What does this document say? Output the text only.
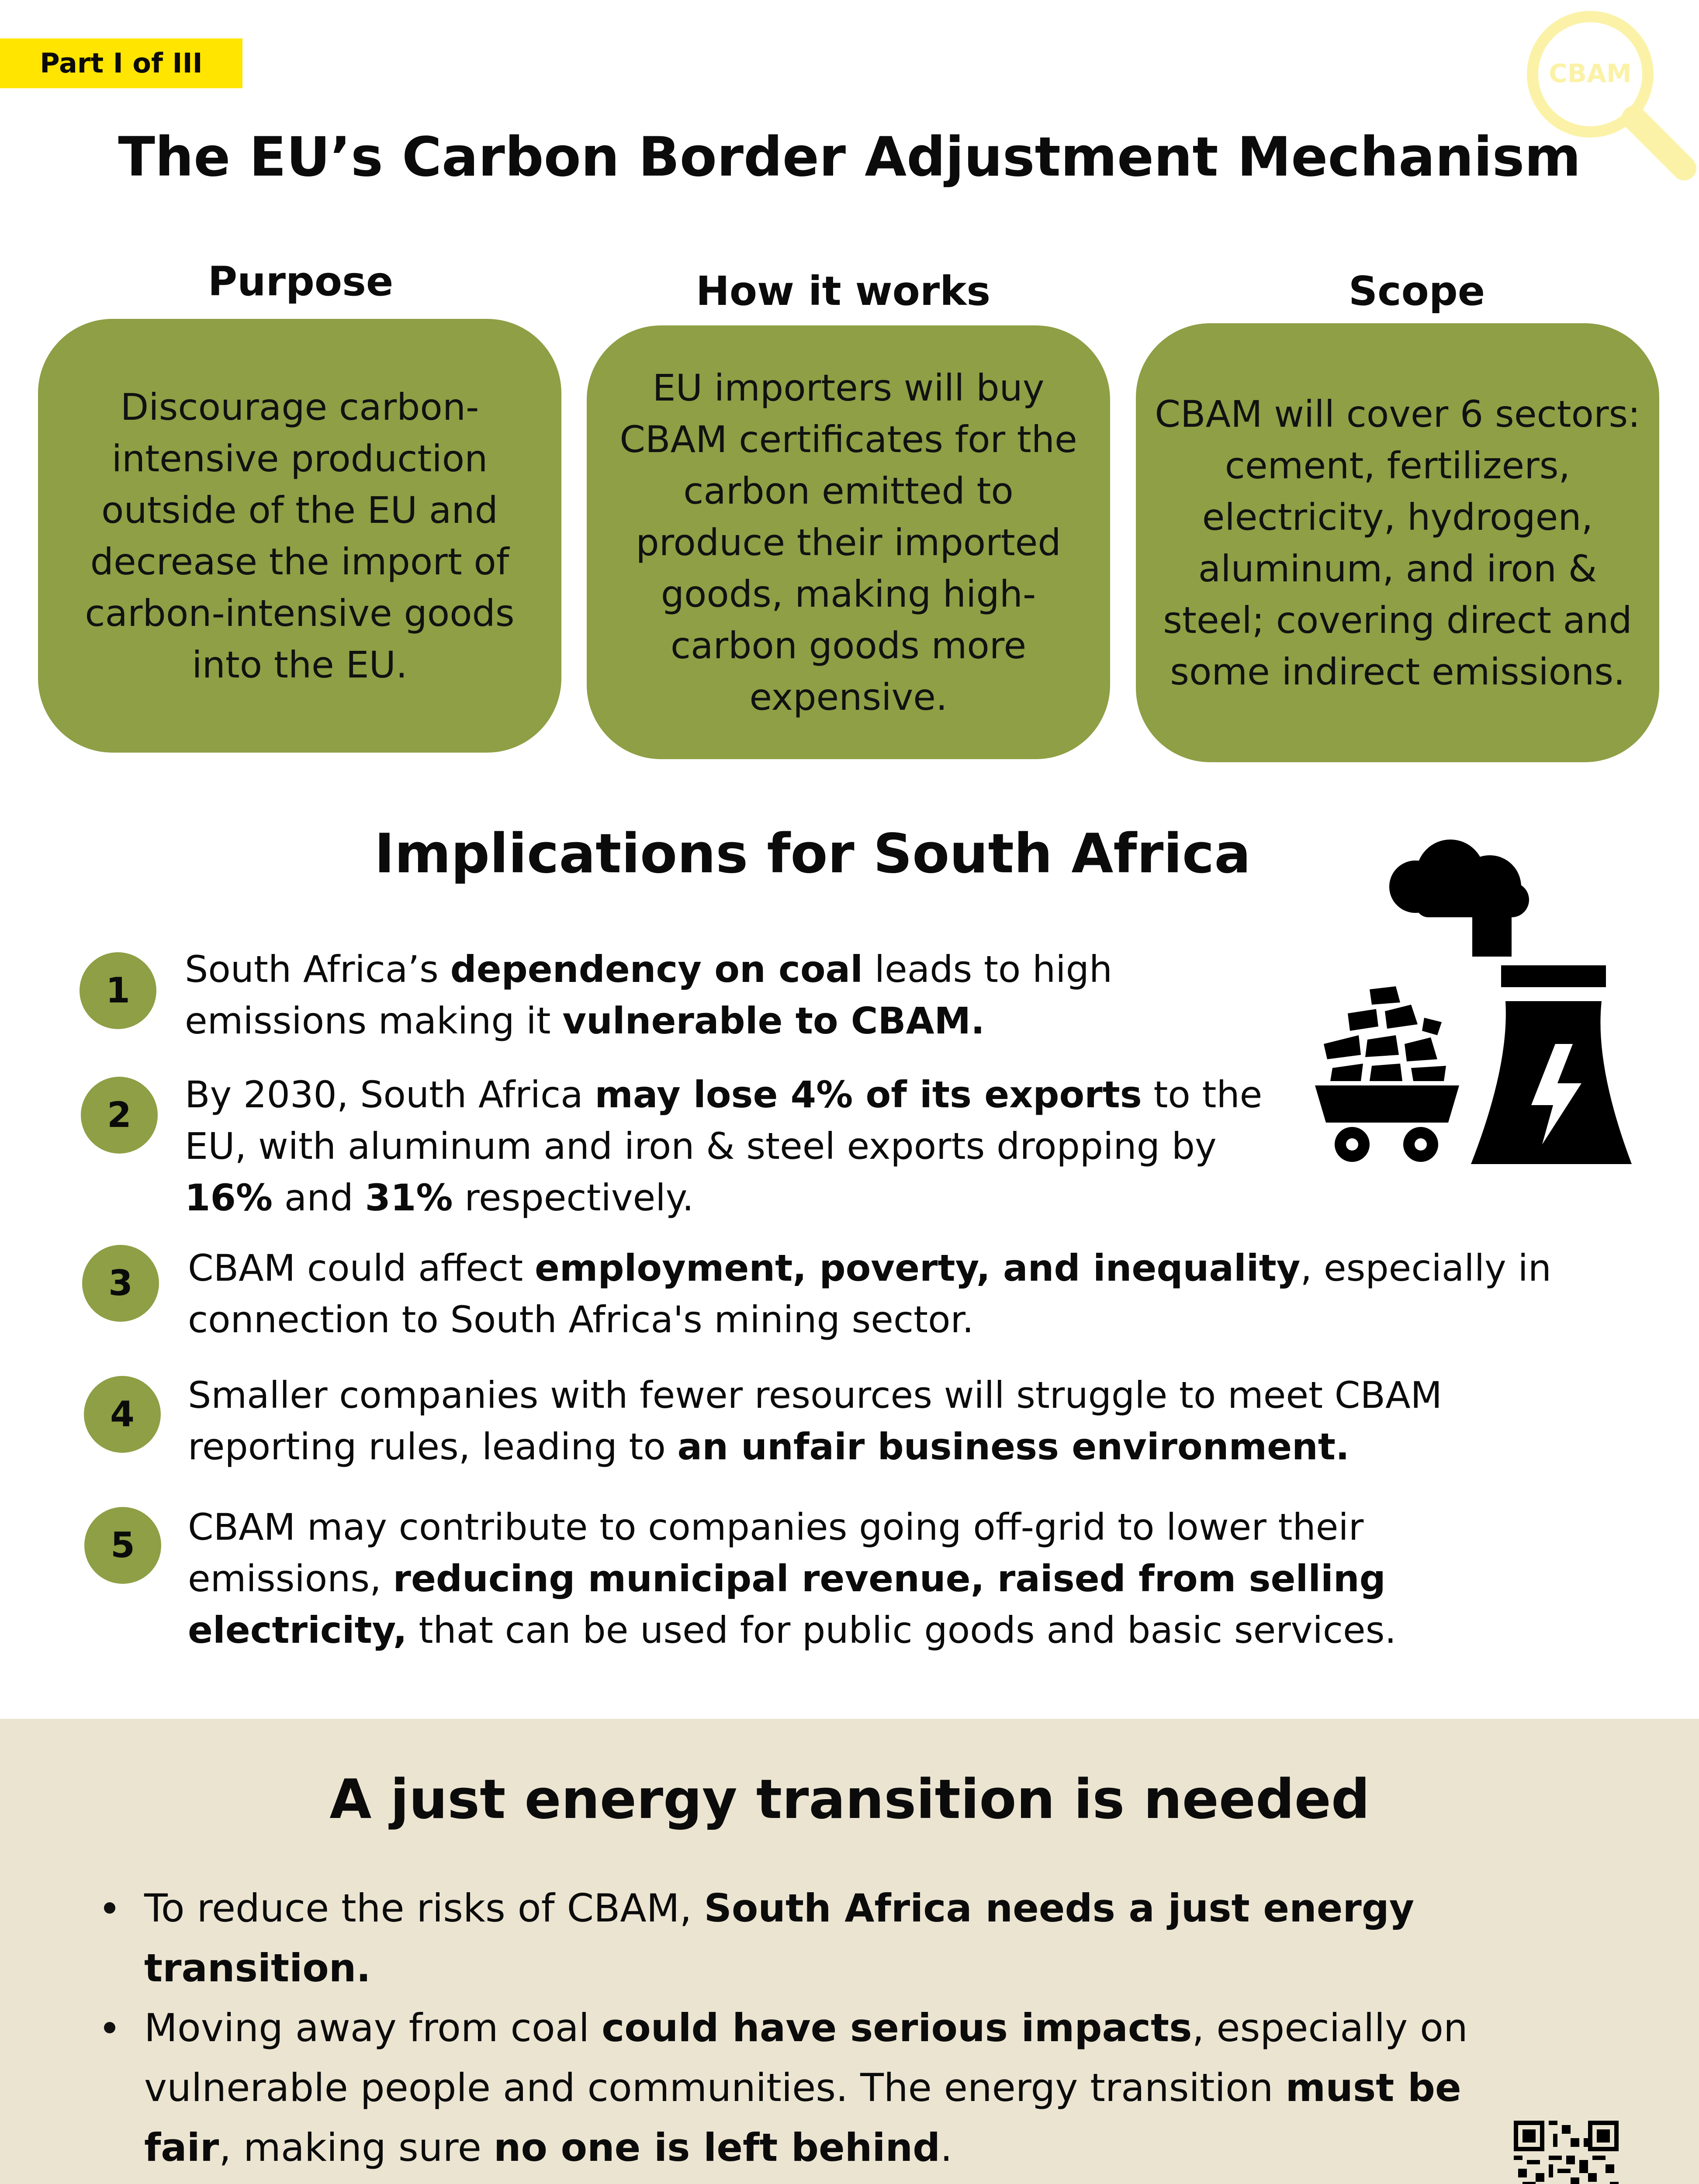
Part I of III	CBAM
The EU’s Carbon Border Adjustment Mechanism
Purpose	How it works	Scope
Discourage carbon-intensive production outside of the EU and decrease the import of carbon-intensive goods into the EU.
EU importers will buy CBAM certificates for the carbon emitted to produce their imported goods, making high-carbon goods more expensive.
CBAM will cover 6 sectors: cement, fertilizers, electricity, hydrogen, aluminum, and iron & steel; covering direct and some indirect emissions.
Implications for South Africa
1	South Africa’s dependency on coal leads to high emissions making it vulnerable to CBAM.
2	By 2030, South Africa may lose 4% of its exports to the EU, with aluminum and iron & steel exports dropping by 16% and 31% respectively.
3	CBAM could affect employment, poverty, and inequality, especially in connection to South Africa's mining sector.
4	Smaller companies with fewer resources will struggle to meet CBAM reporting rules, leading to an unfair business environment.
5	CBAM may contribute to companies going off-grid to lower their emissions, reducing municipal revenue, raised from selling electricity, that can be used for public goods and basic services.
A just energy transition is needed
To reduce the risks of CBAM, South Africa needs a just energy transition.
Moving away from coal could have serious impacts, especially on vulnerable people and communities. The energy transition must be fair, making sure no one is left behind.
